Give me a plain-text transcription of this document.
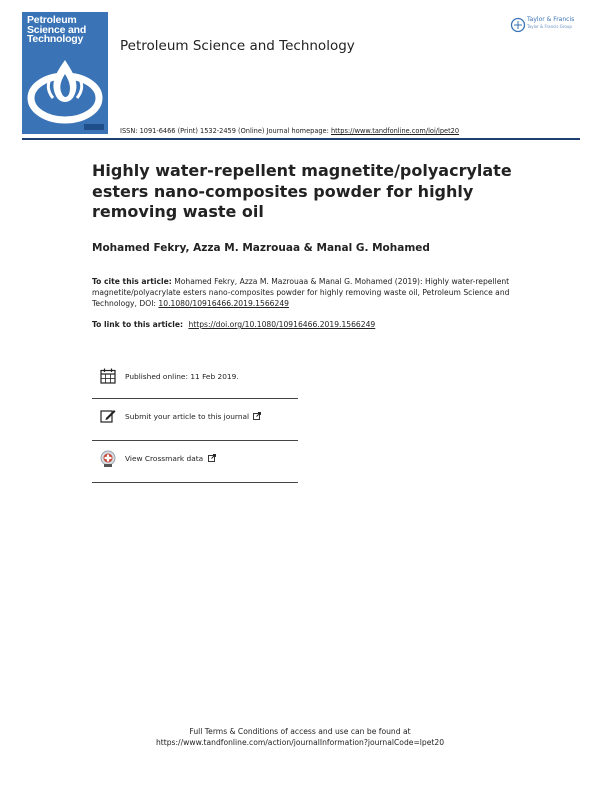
Petroleum
Science and
Technology	Petroleum Science and Technology
Taylor & Francis
Taylor & Francis Group
ISSN: 1091-6466 (Print) 1532-2459 (Online) Journal homepage: https://www.tandfonline.com/loi/lpet20
Highly water-repellent magnetite/polyacrylate esters nano-composites powder for highly removing waste oil
Mohamed Fekry, Azza M. Mazrouaa & Manal G. Mohamed
To cite this article: Mohamed Fekry, Azza M. Mazrouaa & Manal G. Mohamed (2019): Highly water-repellent magnetite/polyacrylate esters nano-composites powder for highly removing waste oil, Petroleum Science and Technology, DOI: 10.1080/10916466.2019.1566249
To link to this article: https://doi.org/10.1080/10916466.2019.1566249
Published online: 11 Feb 2019.
Submit your article to this journal
View Crossmark data
Full Terms & Conditions of access and use can be found at
https://www.tandfonline.com/action/journalInformation?journalCode=lpet20
